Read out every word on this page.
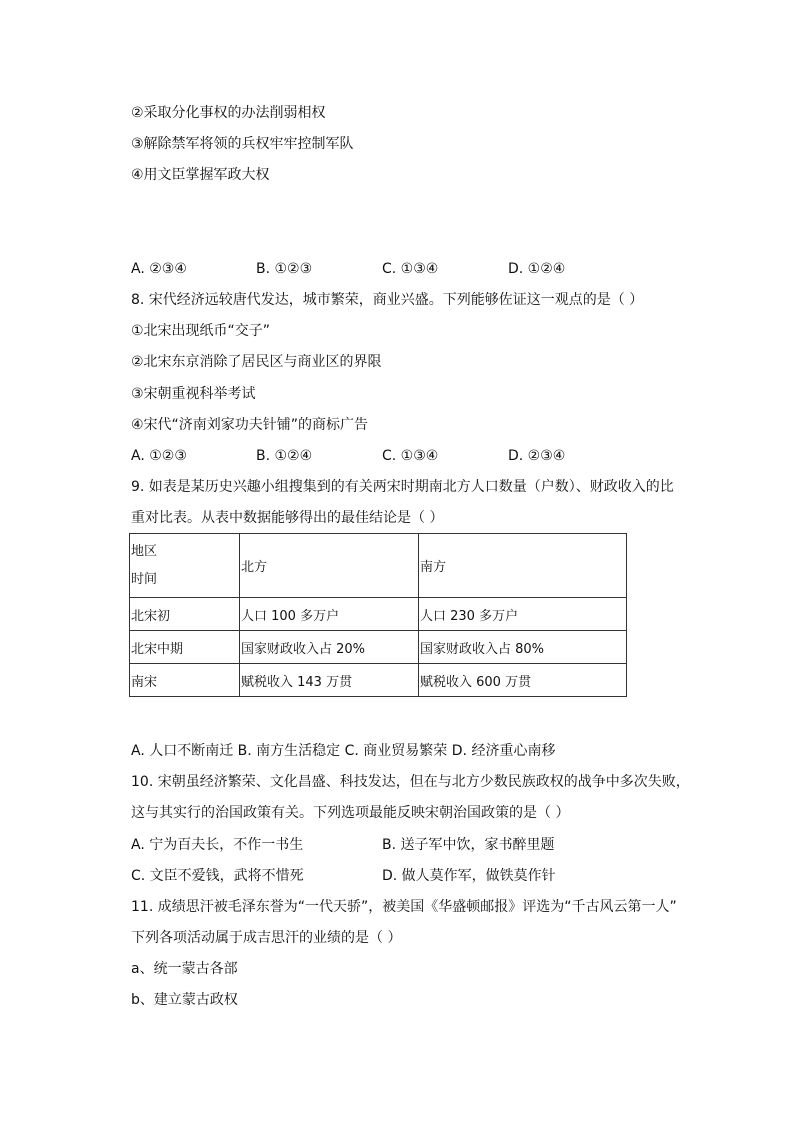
②采取分化事权的办法削弱相权
③解除禁军将领的兵权牢牢控制军队
④用文臣掌握军政大权
A. ②③④	B. ①②③	C. ①③④	D. ①②④
8. 宋代经济远较唐代发达，城市繁荣，商业兴盛。下列能够佐证这一观点的是（ ）
①北宋出现纸币“交子”
②北宋东京消除了居民区与商业区的界限
③宋朝重视科举考试
④宋代“济南刘家功夫针铺”的商标广告
A. ①②③	B. ①②④	C. ①③④	D. ②③④
9. 如表是某历史兴趣小组搜集到的有关两宋时期南北方人口数量（户数）、财政收入的比
重对比表。从表中数据能够得出的最佳结论是（ ）
地区
时间	北方	南方
北宋初	人口 100 多万户	人口 230 多万户
北宋中期	国家财政收入占 20%	国家财政收入占 80%
南宋	赋税收入 143 万贯	赋税收入 600 万贯
A. 人口不断南迁 B. 南方生活稳定 C. 商业贸易繁荣 D. 经济重心南移
10. 宋朝虽经济繁荣、文化昌盛、科技发达，但在与北方少数民族政权的战争中多次失败，
这与其实行的治国政策有关。下列选项最能反映宋朝治国政策的是（ ）
A. 宁为百夫长，不作一书生	B. 送子军中饮，家书醉里题
C. 文臣不爱钱，武将不惜死	D. 做人莫作军，做铁莫作针
11. 成绩思汗被毛泽东誉为“一代天骄”，被美国《华盛顿邮报》评选为“千古风云第一人”
下列各项活动属于成吉思汗的业绩的是（ ）
a、统一蒙古各部
b、建立蒙古政权
